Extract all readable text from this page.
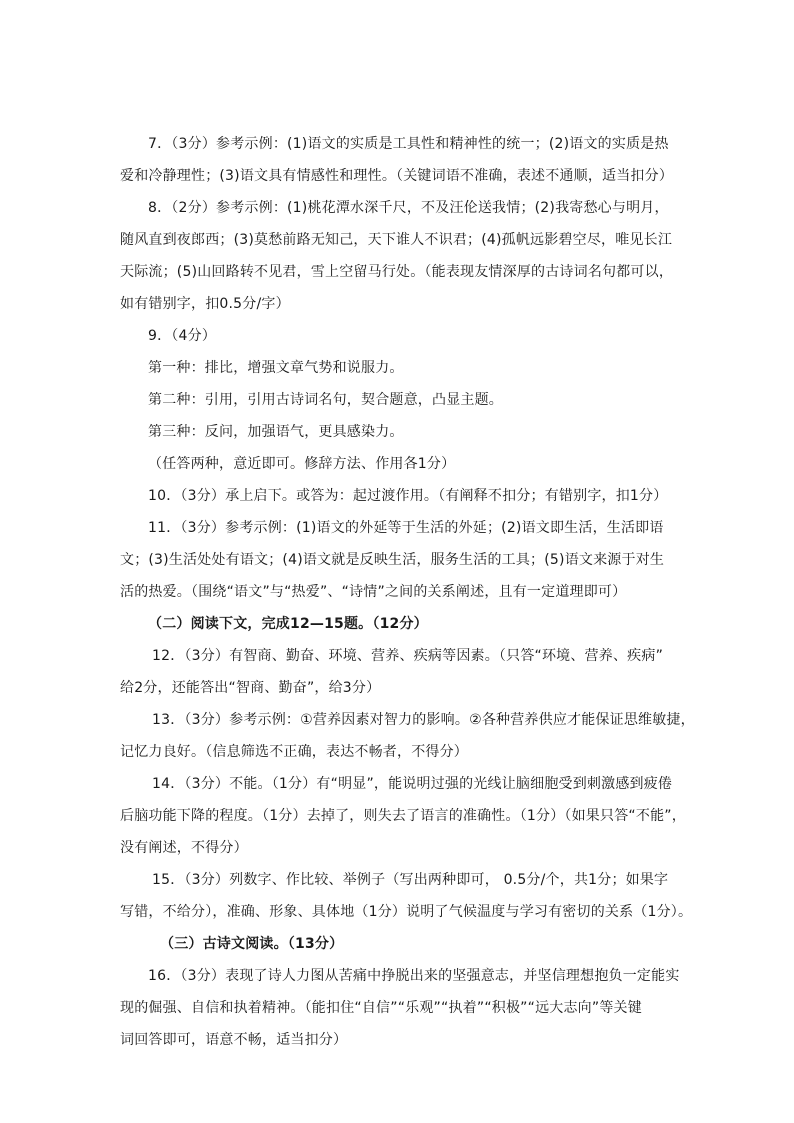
7．（3分）参考示例：(1)语文的实质是工具性和精神性的统一；(2)语文的实质是热
爱和冷静理性；(3)语文具有情感性和理性。（关键词语不准确，表述不通顺，适当扣分）
8．（2分）参考示例：(1)桃花潭水深千尺，不及汪伦送我情；(2)我寄愁心与明月，
随风直到夜郎西；(3)莫愁前路无知己，天下谁人不识君；(4)孤帆远影碧空尽，唯见长江
天际流；(5)山回路转不见君，雪上空留马行处。（能表现友情深厚的古诗词名句都可以，
如有错别字，扣0.5分/字）
9．（4分）
第一种：排比，增强文章气势和说服力。
第二种：引用，引用古诗词名句，契合题意，凸显主题。
第三种：反问，加强语气，更具感染力。
（任答两种，意近即可。修辞方法、作用各1分）
10．（3分）承上启下。或答为：起过渡作用。（有阐释不扣分；有错别字，扣1分）
11．（3分）参考示例：(1)语文的外延等于生活的外延；(2)语文即生活，生活即语
文；(3)生活处处有语文；(4)语文就是反映生活，服务生活的工具；(5)语文来源于对生
活的热爱。（围绕“语文”与“热爱”、“诗情”之间的关系阐述，且有一定道理即可）
（二）阅读下文，完成12—15题。（12分）
12．（3分）有智商、勤奋、环境、营养、疾病等因素。（只答“环境、营养、疾病”
给2分，还能答出“智商、勤奋”，给3分）
13．（3分）参考示例：①营养因素对智力的影响。②各种营养供应才能保证思维敏捷，
记忆力良好。（信息筛选不正确，表达不畅者，不得分）
14．（3分）不能。（1分）有“明显”，能说明过强的光线让脑细胞受到刺激感到疲倦
后脑功能下降的程度。（1分）去掉了，则失去了语言的准确性。（1分）（如果只答“不能”，
没有阐述，不得分）
15．（3分）列数字、作比较、举例子（写出两种即可， 0.5分/个，共1分；如果字
写错，不给分），准确、形象、具体地（1分）说明了气候温度与学习有密切的关系（1分）。
（三）古诗文阅读。（13分）
16．（3分）表现了诗人力图从苦痛中挣脱出来的坚强意志，并坚信理想抱负一定能实
现的倔强、自信和执着精神。（能扣住“自信”“乐观”“执着”“积极”“远大志向”等关键
词回答即可，语意不畅，适当扣分）
